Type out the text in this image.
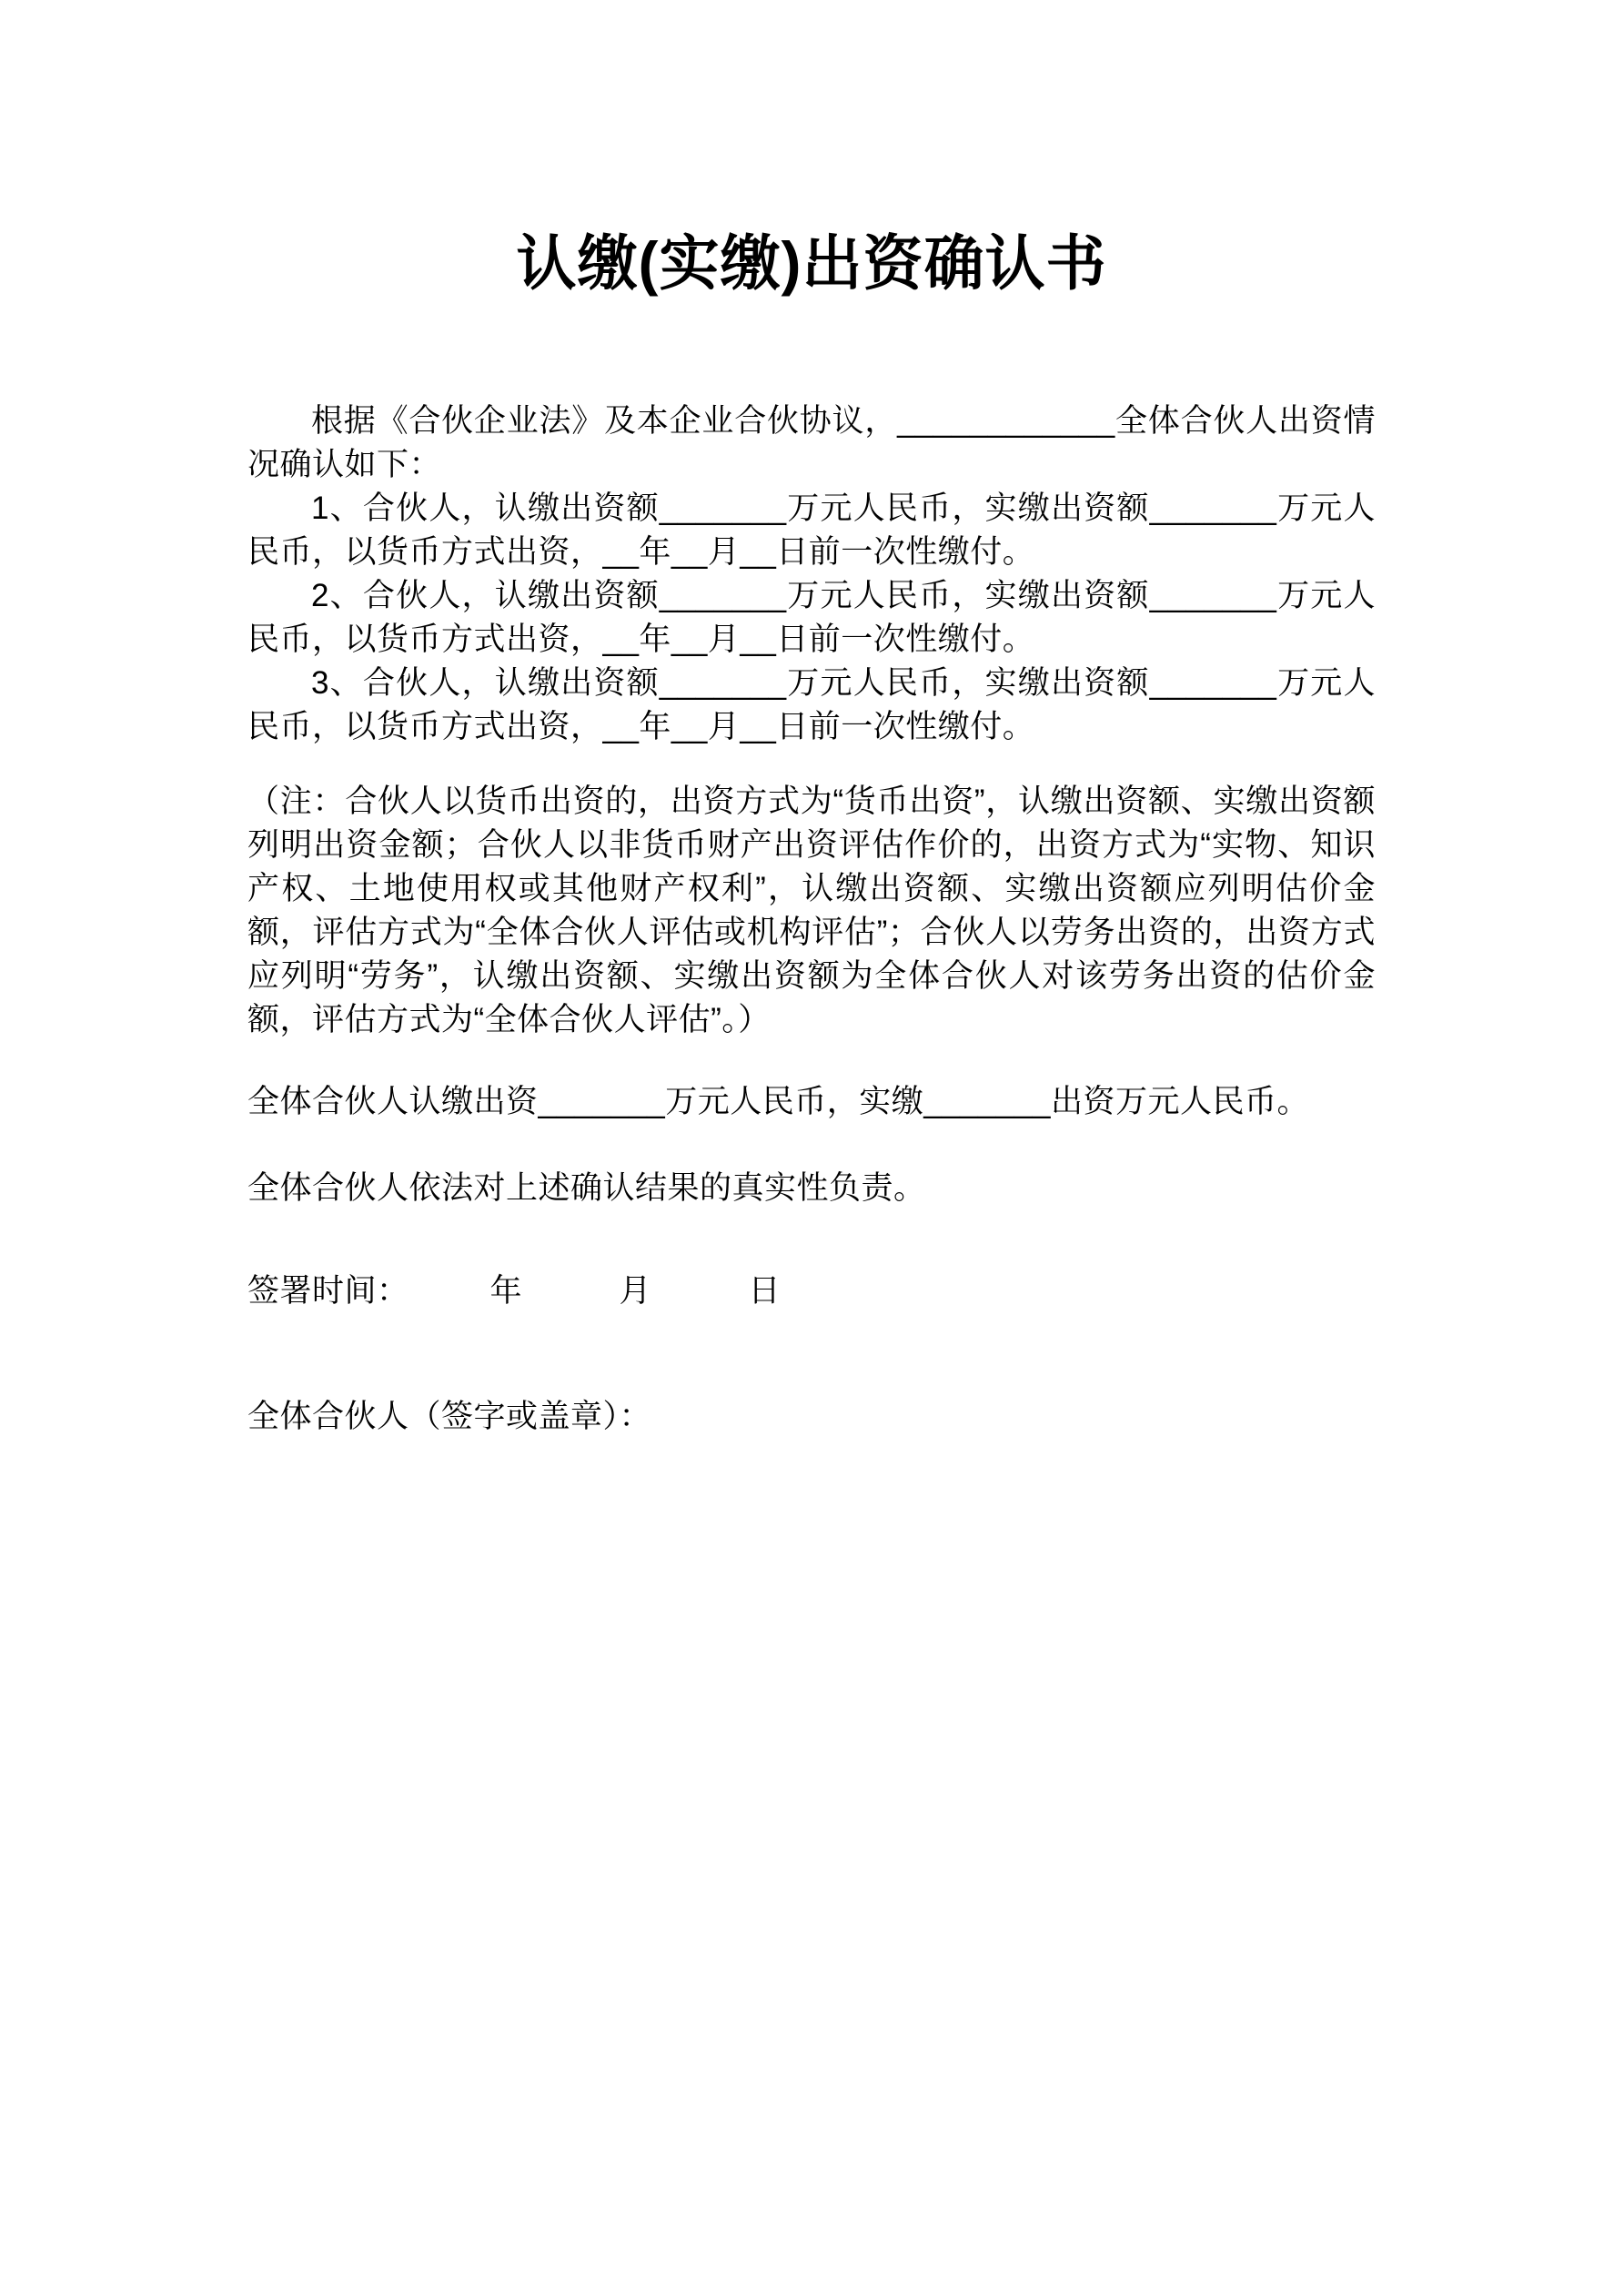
认缴(实缴)出资确认书

根据《合伙企业法》及本企业合伙协议，____________全体合伙人出资情况确认如下：

1、合伙人，认缴出资额_______万元人民币，实缴出资额_______万元人民币，以货币方式出资，__年__月__日前一次性缴付。

2、合伙人，认缴出资额_______万元人民币，实缴出资额_______万元人民币，以货币方式出资，__年__月__日前一次性缴付。

3、合伙人，认缴出资额_______万元人民币，实缴出资额_______万元人民币，以货币方式出资，__年__月__日前一次性缴付。

（注：合伙人以货币出资的，出资方式为“货币出资”，认缴出资额、实缴出资额列明出资金额；合伙人以非货币财产出资评估作价的，出资方式为“实物、知识产权、土地使用权或其他财产权利”，认缴出资额、实缴出资额应列明估价金额，评估方式为“全体合伙人评估或机构评估”；合伙人以劳务出资的，出资方式应列明“劳务”，认缴出资额、实缴出资额为全体合伙人对该劳务出资的估价金额，评估方式为“全体合伙人评估”。）

全体合伙人认缴出资_______万元人民币，实缴_______出资万元人民币。

全体合伙人依法对上述确认结果的真实性负责。

签署时间：　　　年　　　月　　　日

全体合伙人（签字或盖章）：
